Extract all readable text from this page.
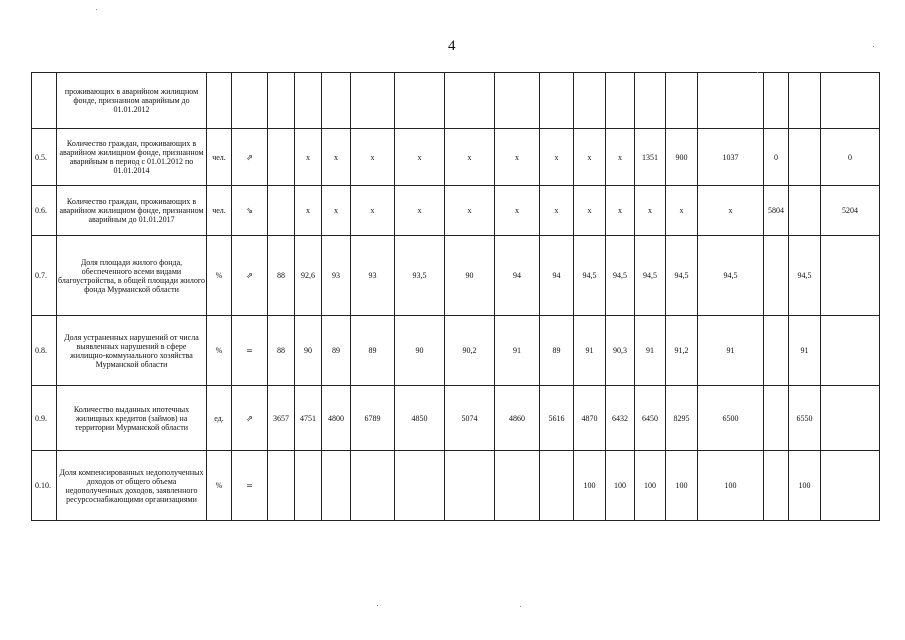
4
	проживающих в аварийном жилищном фонде, признанном аварийным до 01.01.2012																			
0.5.	Количество граждан, проживающих в аварийном жилищном фонде, признанном аварийным в период с 01.01.2012 по 01.01.2014	чел.	⇗		х	х	х	х	х	х	х	х	х	1351	900	1037	0		0	
0.6.	Количество граждан, проживающих в аварийном жилищном фонде, признанном аварийным до 01.01.2017	чел.	⇘		х	х	х	х	х	х	х	х	х	х	х	х	5804		5204	
0.7.	Доля площади жилого фонда, обеспеченного всеми видами благоустройства, в общей площади жилого фонда Мурманской области	%	⇗	88	92,6	93	93	93,5	90	94	94	94,5	94,5	94,5	94,5	94,5		94,5		
0.8.	Доля устраненных нарушений от числа выявленных нарушений в сфере жилищно-коммунального хозяйства Мурманской области	%	=	88	90	89	89	90	90,2	91	89	91	90,3	91	91,2	91		91		
0.9.	Количество выданных ипотечных жилищных кредитов (займов) на территории Мурманской области	ед.	⇗	3657	4751	4800	6789	4850	5074	4860	5616	4870	6432	6450	8295	6500		6550		
0.10.	Доля компенсированных недополученных доходов от общего объема недополученных доходов, заявленного ресурсоснабжающими организациями	%	=									100	100	100	100	100		100		
